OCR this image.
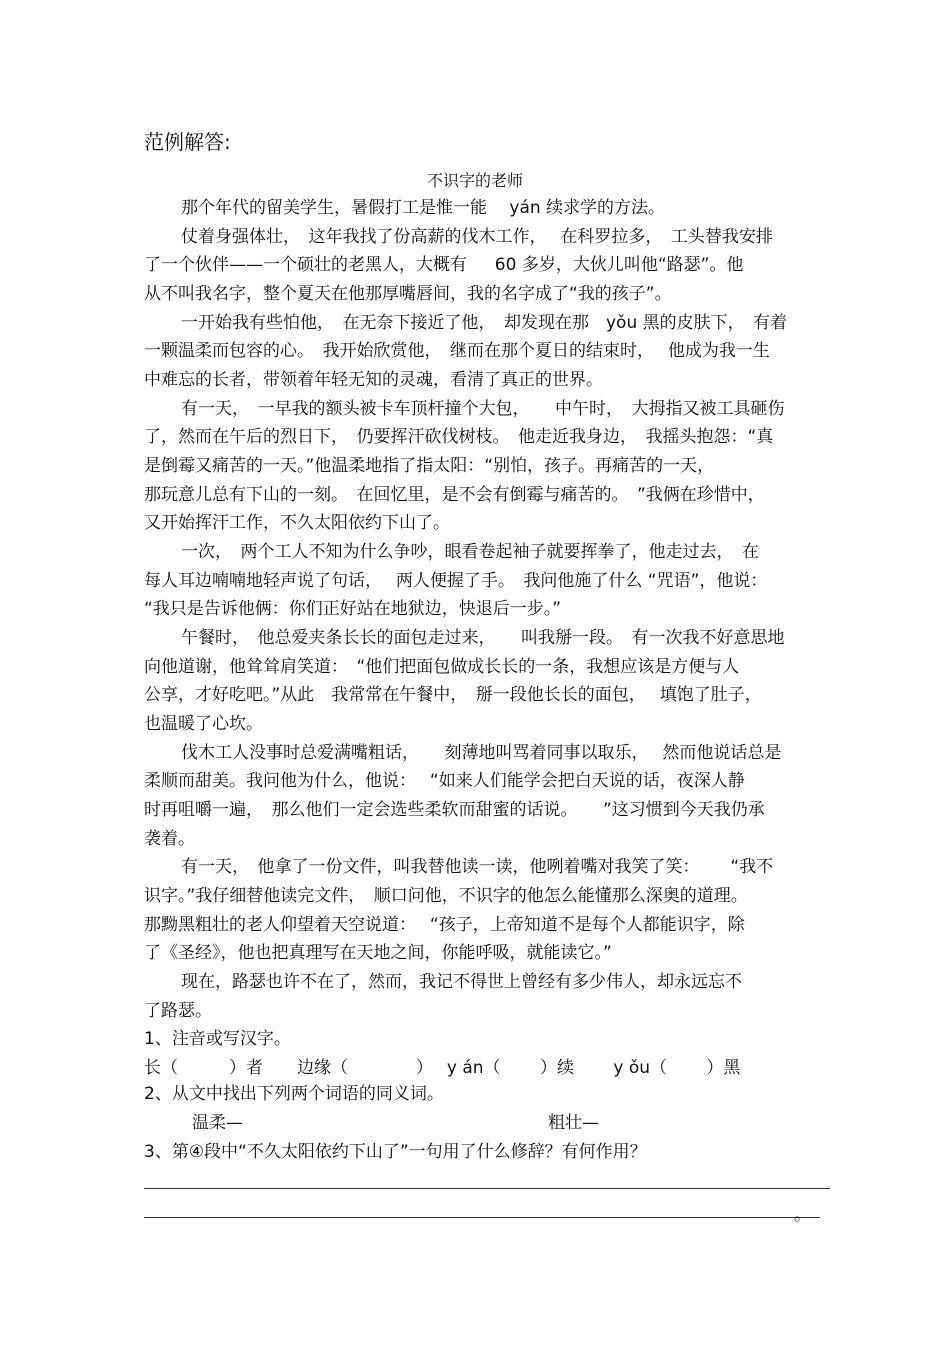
范例解答:
不识字的老师
那个年代的留美学生，暑假打工是惟一能　 yán 续求学的方法。
仗着身强体壮，　这年我找了份高薪的伐木工作，　 在科罗拉多，　工头替我安排
了一个伙伴——一个硕壮的老黑人，大概有　  60 多岁，大伙儿叫他“路瑟”。他
从不叫我名字，整个夏天在他那厚嘴唇间，我的名字成了“我的孩子”。
一开始我有些怕他，　在无奈下接近了他，　却发现在那　yǒu 黑的皮肤下，　有着
一颗温柔而包容的心。　我开始欣赏他，　继而在那个夏日的结束时，　 他成为我一生
中难忘的长者，带领着年轻无知的灵魂，看清了真正的世界。
有一天，　一早我的额头被卡车顶杆撞个大包，　　中午时，　大拇指又被工具砸伤
了，然而在午后的烈日下，　仍要挥汗砍伐树枝。　他走近我身边，　我摇头抱怨：“真
是倒霉又痛苦的一天。”他温柔地指了指太阳：“别怕，孩子。再痛苦的一天，
那玩意儿总有下山的一刻。　在回忆里，是不会有倒霉与痛苦的。　”我俩在珍惜中，
又开始挥汗工作，不久太阳依约下山了。
一次，　两个工人不知为什么争吵，眼看卷起袖子就要挥拳了，他走过去，　在
每人耳边喃喃地轻声说了句话，　 两人便握了手。　我问他施了什么 “咒语”，他说：
“我只是告诉他俩：你们正好站在地狱边，快退后一步。”
午餐时，　他总爱夹条长长的面包走过来，　　叫我掰一段。　有一次我不好意思地
向他道谢，他耸耸肩笑道：　“他们把面包做成长长的一条，我想应该是方便与人
公享，才好吃吧。”从此　我常常在午餐中，　掰一段他长长的面包，　 填饱了肚子，
也温暖了心坎。
伐木工人没事时总爱满嘴粗话，　　刻薄地叫骂着同事以取乐，　 然而他说话总是
柔顺而甜美。我问他为什么，他说：　 “如来人们能学会把白天说的话，夜深人静
时再咀嚼一遍，　那么他们一定会选些柔软而甜蜜的话说。　　”这习惯到今天我仍承
袭着。
有一天，　他拿了一份文件，叫我替他读一读，他咧着嘴对我笑了笑：　　 “我不
识字。”我仔细替他读完文件，　顺口问他，不识字的他怎么能懂那么深奥的道理。
那黝黑粗壮的老人仰望着天空说道：　 “孩子，上帝知道不是每个人都能识字，除
了《圣经》，他也把真理写在天地之间，你能呼吸，就能读它。”
现在，路瑟也许不在了，然而，我记不得世上曾经有多少伟人，却永远忘不
了路瑟。
1、注音或写汉字。
长（　　　）者　　边缘（　　　　）　 y án（　　 ）续　　 y ǒu（　　 ）黑
2、从文中找出下列两个词语的同义词。
温柔—	粗壮—
3、第④段中“不久太阳依约下山了”一句用了什么修辞？有何作用？
。
